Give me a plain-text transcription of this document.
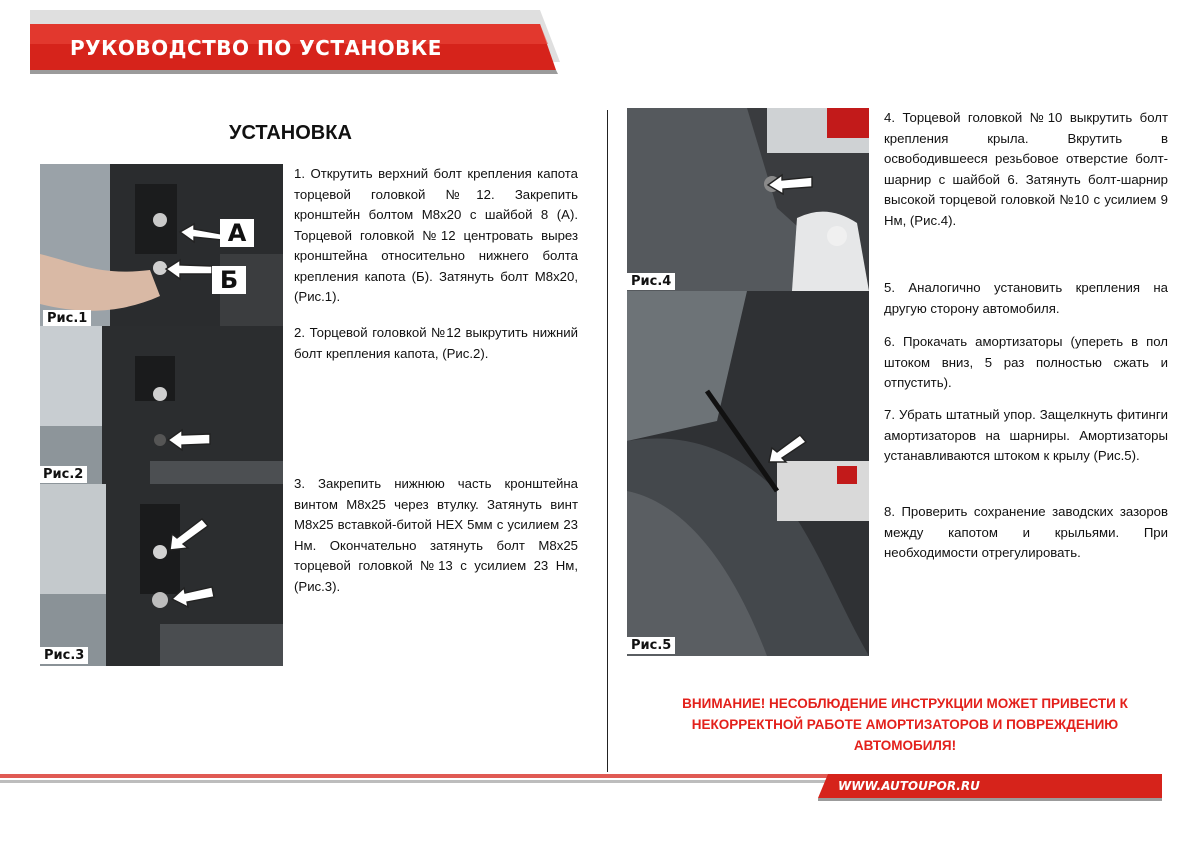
РУКОВОДСТВО ПО УСТАНОВКЕ
УСТАНОВКА
А
Б
Рис.1
Рис.2
Рис.3

1. Открутить верхний болт крепления капота торцевой головкой №12. Закрепить кронштейн болтом М8х20 с шайбой 8 (А). Торцевой головкой №12 центровать вырез кронштейна относительно нижнего болта крепления капота (Б). Затянуть болт М8х20, (Рис.1).

2. Торцевой головкой №12 выкрутить нижний болт крепления капота, (Рис.2).

3. Закрепить нижнюю часть кронштейна винтом М8х25 через втулку. Затянуть винт М8х25 вставкой-битой HEX 5мм с усилием 23 Нм. Окончательно затянуть болт М8х25 торцевой головкой №13 с усилием 23 Нм, (Рис.3).

Рис.4
Рис.5

4. Торцевой головкой №10 выкрутить болт крепления крыла. Вкрутить в освободившееся резьбовое отверстие болт-шарнир с шайбой 6. Затянуть болт-шарнир высокой торцевой головкой №10 с усилием 9 Нм, (Рис.4).

5. Аналогично установить крепления на другую сторону автомобиля.

6. Прокачать амортизаторы (упереть в пол штоком вниз, 5 раз полностью сжать и отпустить).

7. Убрать штатный упор. Защелкнуть фитинги амортизаторов на шарниры. Амортизаторы устанавливаются штоком к крылу (Рис.5).

8. Проверить сохранение заводских зазоров между капотом и крыльями. При необходимости отрегулировать.

ВНИМАНИЕ! НЕСОБЛЮДЕНИЕ ИНСТРУКЦИИ МОЖЕТ ПРИВЕСТИ К НЕКОРРЕКТНОЙ РАБОТЕ АМОРТИЗАТОРОВ И ПОВРЕЖДЕНИЮ АВТОМОБИЛЯ!
WWW.AUTOUPOR.RU
